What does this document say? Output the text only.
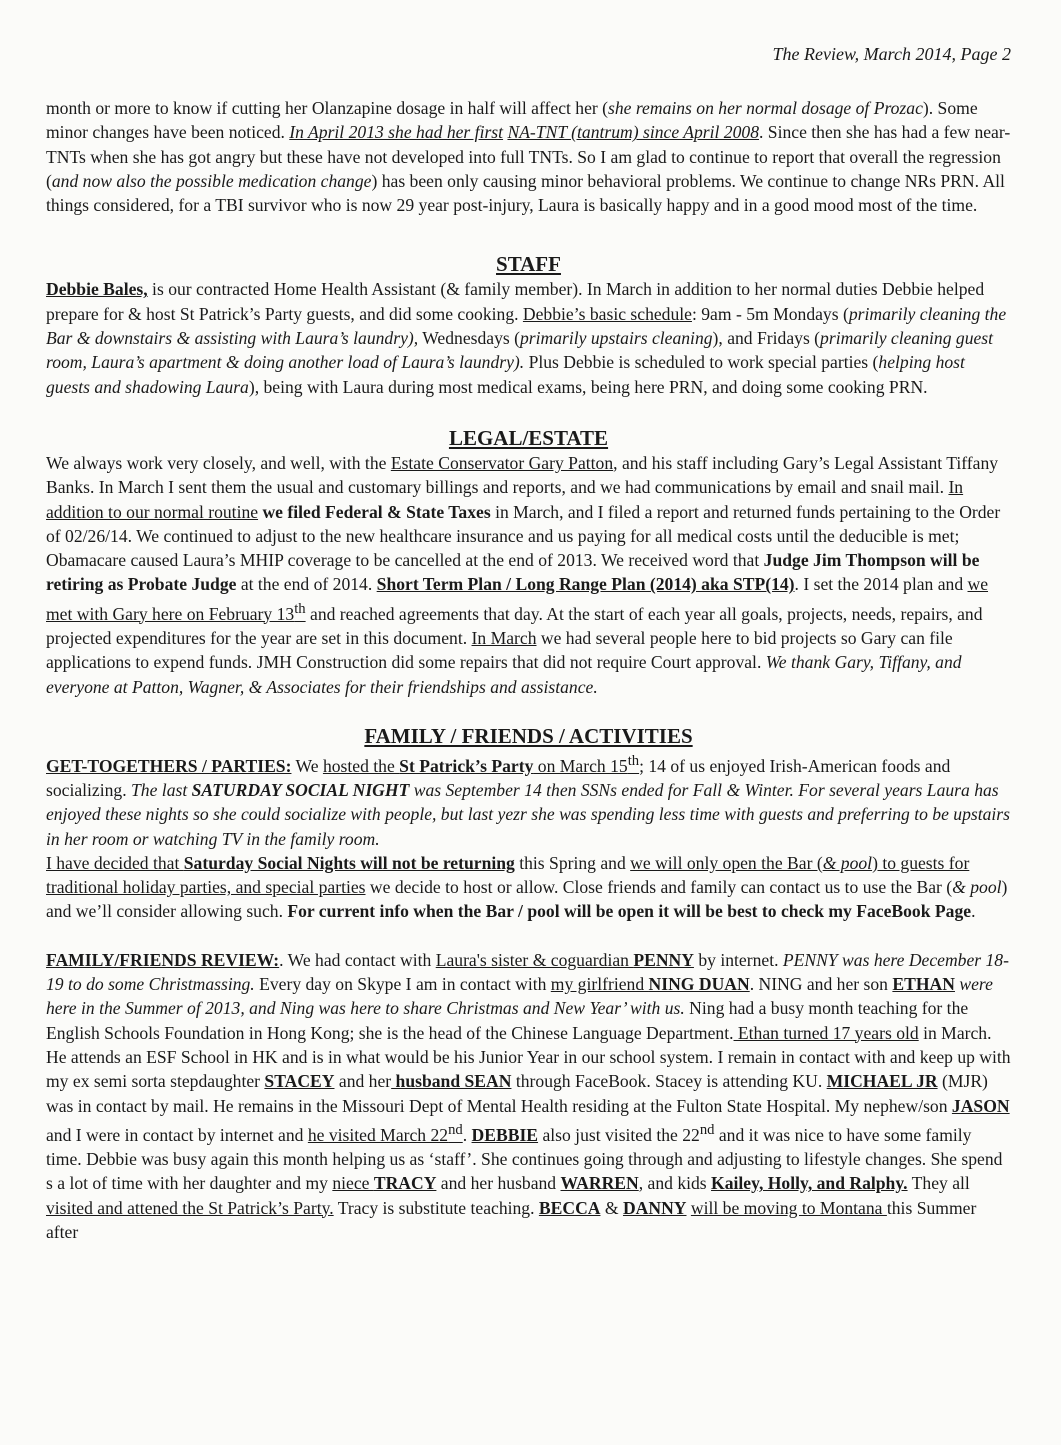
The Review, March 2014, Page 2

month or more to know if cutting her Olanzapine dosage in half will affect her (she remains on her normal dosage of Prozac). Some minor changes have been noticed. In April 2013 she had her first NA-TNT (tantrum) since April 2008. Since then she has had a few near-TNTs when she has got angry but these have not developed into full TNTs. So I am glad to continue to report that overall the regression (and now also the possible medication change) has been only causing minor behavioral problems. We continue to change NRs PRN. All things considered, for a TBI survivor who is now 29 year post-injury, Laura is basically happy and in a good mood most of the time.

STAFF

Debbie Bales, is our contracted Home Health Assistant (& family member). In March in addition to her normal duties Debbie helped prepare for & host St Patrick’s Party guests, and did some cooking. Debbie’s basic schedule: 9am - 5m Mondays (primarily cleaning the Bar & downstairs & assisting with Laura’s laundry), Wednesdays (primarily upstairs cleaning), and Fridays (primarily cleaning guest room, Laura’s apartment & doing another load of Laura’s laundry). Plus Debbie is scheduled to work special parties (helping host guests and shadowing Laura), being with Laura during most medical exams, being here PRN, and doing some cooking PRN.

LEGAL/ESTATE

We always work very closely, and well, with the Estate Conservator Gary Patton, and his staff including Gary’s Legal Assistant Tiffany Banks. In March I sent them the usual and customary billings and reports, and we had communications by email and snail mail. In addition to our normal routine we filed Federal & State Taxes in March, and I filed a report and returned funds pertaining to the Order of 02/26/14. We continued to adjust to the new healthcare insurance and us paying for all medical costs until the deducible is met; Obamacare caused Laura’s MHIP coverage to be cancelled at the end of 2013. We received word that Judge Jim Thompson will be retiring as Probate Judge at the end of 2014. Short Term Plan / Long Range Plan (2014) aka STP(14). I set the 2014 plan and we met with Gary here on February 13th and reached agreements that day. At the start of each year all goals, projects, needs, repairs, and projected expenditures for the year are set in this document. In March we had several people here to bid projects so Gary can file applications to expend funds. JMH Construction did some repairs that did not require Court approval. We thank Gary, Tiffany, and everyone at Patton, Wagner, & Associates for their friendships and assistance.

FAMILY / FRIENDS / ACTIVITIES

GET-TOGETHERS / PARTIES: We hosted the St Patrick’s Party on March 15th; 14 of us enjoyed Irish-American foods and socializing. The last SATURDAY SOCIAL NIGHT was September 14 then SSNs ended for Fall & Winter. For several years Laura has enjoyed these nights so she could socialize with people, but last yezr she was spending less time with guests and preferring to be upstairs in her room or watching TV in the family room.
I have decided that Saturday Social Nights will not be returning this Spring and we will only open the Bar (& pool) to guests for traditional holiday parties, and special parties we decide to host or allow. Close friends and family can contact us to use the Bar (& pool) and we’ll consider allowing such. For current info when the Bar / pool will be open it will be best to check my FaceBook Page.

FAMILY/FRIENDS REVIEW:. We had contact with Laura's sister & coguardian PENNY by internet. PENNY was here December 18-19 to do some Christmassing. Every day on Skype I am in contact with my girlfriend NING DUAN. NING and her son ETHAN were here in the Summer of 2013, and Ning was here to share Christmas and New Year’ with us. Ning had a busy month teaching for the English Schools Foundation in Hong Kong; she is the head of the Chinese Language Department. Ethan turned 17 years old in March. He attends an ESF School in HK and is in what would be his Junior Year in our school system. I remain in contact with and keep up with my ex semi sorta stepdaughter STACEY and her husband SEAN through FaceBook. Stacey is attending KU. MICHAEL JR (MJR) was in contact by mail. He remains in the Missouri Dept of Mental Health residing at the Fulton State Hospital. My nephew/son JASON and I were in contact by internet and he visited March 22nd. DEBBIE also just visited the 22nd and it was nice to have some family time. Debbie was busy again this month helping us as ‘staff’. She continues going through and adjusting to lifestyle changes. She spend s a lot of time with her daughter and my niece TRACY and her husband WARREN, and kids Kailey, Holly, and Ralphy. They all visited and attened the St Patrick’s Party. Tracy is substitute teaching. BECCA & DANNY will be moving to Montana this Summer after
